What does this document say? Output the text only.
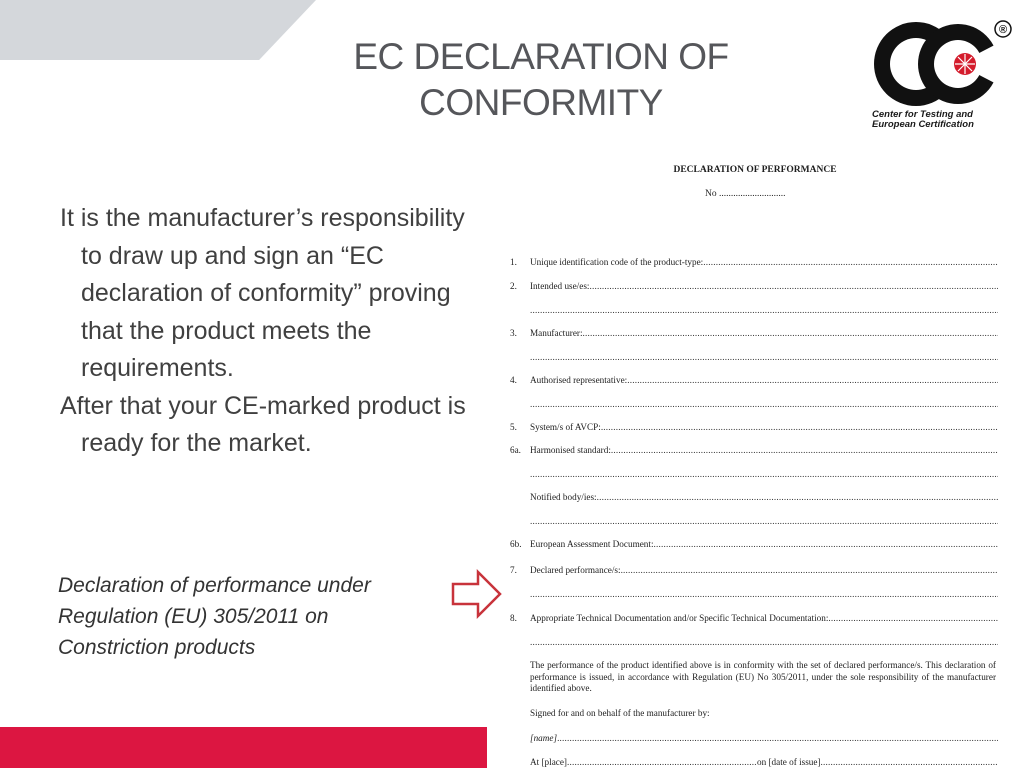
EC DECLARATION OF
CONFORMITY
®
Center for Testing and
European Certification

It is the manufacturer’s responsibility to draw up and sign an “EC declaration of conformity” proving that the product meets the requirements.

After that your CE-marked product is ready for the market.

Declaration of performance under
Regulation (EU) 305/2011 on
Constriction products
DECLARATION OF PERFORMANCE
No ............................
1.	Unique identification code of the product-type:
.....
2.	Intended use/es:
.....
.....
3.	Manufacturer:
.....
.....
4.	Authorised representative:
.....
.....
5.	System/s of AVCP:
.....
6a. Harmonised standard:
.....
.....
Notified body/ies:
.....
.....
6b. European Assessment Document:
.....
7.	Declared performance/s:
.....
.....
8.	Appropriate Technical Documentation and/or Specific Technical Documentation:
.....
.....
The performance of the product identified above is in conformity with the set of declared performance/s. This declaration of performance is issued, in accordance with Regulation (EU) No 305/2011, under the sole responsibility of the manufacturer identified above.
Signed for and on behalf of the manufacturer by:
[name]
.....
At [place]
.....	on [date of issue]
.....
